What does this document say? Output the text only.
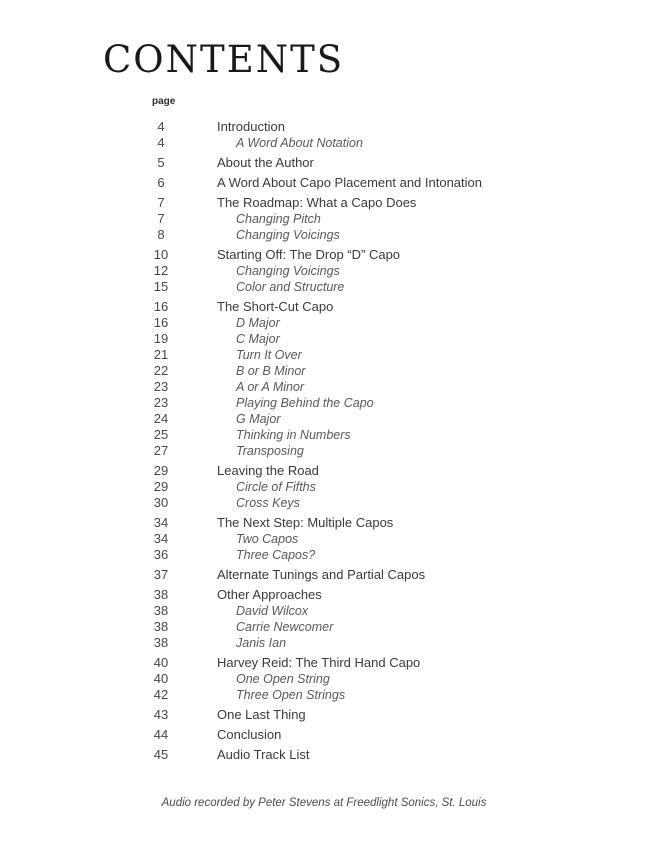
CONTENTS
page
4	Introduction
4	A Word About Notation
5	About the Author
6	A Word About Capo Placement and Intonation
7	The Roadmap: What a Capo Does
7	Changing Pitch
8	Changing Voicings
10	Starting Off: The Drop “D” Capo
12	Changing Voicings
15	Color and Structure
16	The Short-Cut Capo
16	D Major
19	C Major
21	Turn It Over
22	B or B Minor
23	A or A Minor
23	Playing Behind the Capo
24	G Major
25	Thinking in Numbers
27	Transposing
29	Leaving the Road
29	Circle of Fifths
30	Cross Keys
34	The Next Step: Multiple Capos
34	Two Capos
36	Three Capos?
37	Alternate Tunings and Partial Capos
38	Other Approaches
38	David Wilcox
38	Carrie Newcomer
38	Janis Ian
40	Harvey Reid: The Third Hand Capo
40	One Open String
42	Three Open Strings
43	One Last Thing
44	Conclusion
45	Audio Track List
Audio recorded by Peter Stevens at Freedlight Sonics, St. Louis
